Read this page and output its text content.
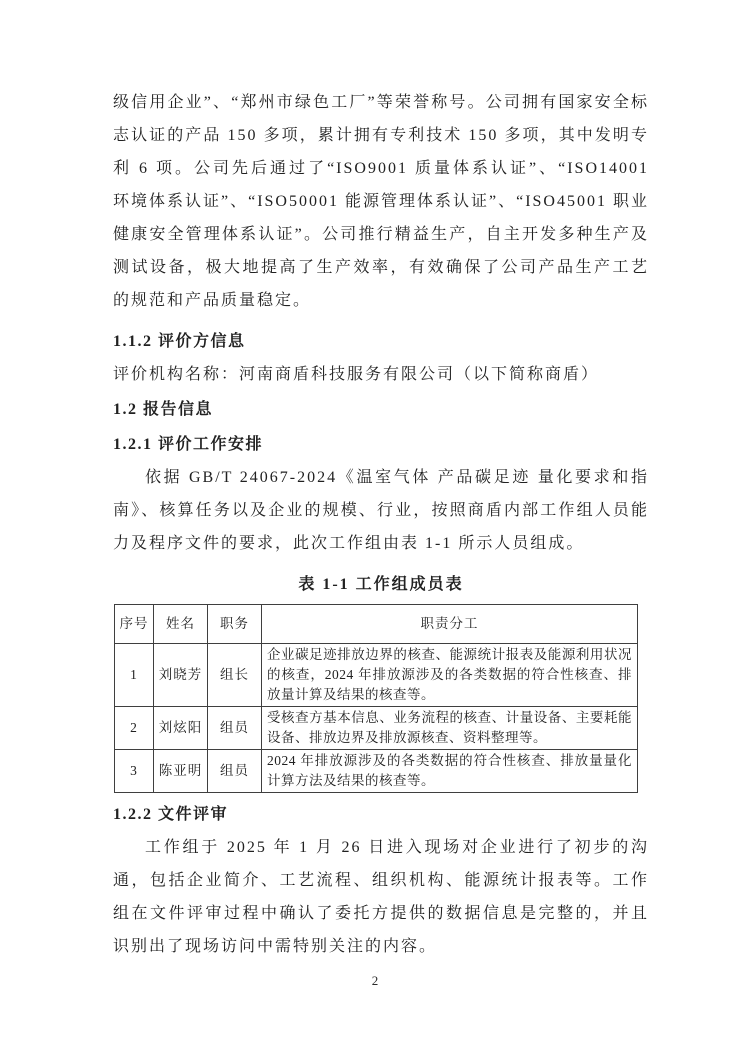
级信用企业”、“郑州市绿色工厂”等荣誉称号。公司拥有国家安全标志认证的产品 150 多项，累计拥有专利技术 150 多项，其中发明专利 6 项。公司先后通过了“ISO9001 质量体系认证”、“ISO14001 环境体系认证”、“ISO50001 能源管理体系认证”、“ISO45001 职业健康安全管理体系认证”。公司推行精益生产，自主开发多种生产及测试设备，极大地提高了生产效率，有效确保了公司产品生产工艺的规范和产品质量稳定。

1.1.2 评价方信息

评价机构名称：河南商盾科技服务有限公司（以下简称商盾）

1.2 报告信息
1.2.1 评价工作安排

依据 GB/T 24067-2024《温室气体 产品碳足迹 量化要求和指南》、核算任务以及企业的规模、行业，按照商盾内部工作组人员能力及程序文件的要求，此次工作组由表 1-1 所示人员组成。

表 1-1 工作组成员表
序号	姓名	职务	职责分工
1	刘晓芳	组长	企业碳足迹排放边界的核查、能源统计报表及能源利用状况的核查，2024 年排放源涉及的各类数据的符合性核查、排放量计算及结果的核查等。
2	刘炫阳	组员	受核查方基本信息、业务流程的核查、计量设备、主要耗能设备、排放边界及排放源核查、资料整理等。
3	陈亚明	组员	2024 年排放源涉及的各类数据的符合性核查、排放量量化计算方法及结果的核查等。
1.2.2 文件评审

工作组于 2025 年 1 月 26 日进入现场对企业进行了初步的沟通，包括企业简介、工艺流程、组织机构、能源统计报表等。工作组在文件评审过程中确认了委托方提供的数据信息是完整的，并且识别出了现场访问中需特别关注的内容。

2
